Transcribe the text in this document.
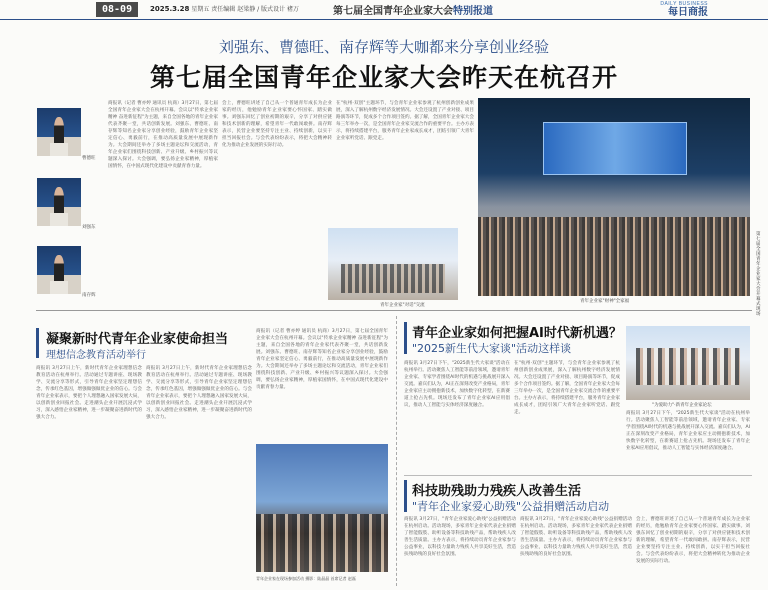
08-09	2025.3.28 星期五 责任编辑 赵梁静 / 版式设计 褚万	第七届全国青年企业家大会特别报道
DAILY BUSINESS
每日商报
刘强东、曹德旺、南存辉等大咖都来分享创业经验
第七届全国青年企业家大会昨天在杭召开
曹德旺
刘强东
南存辉
商报讯（记者 曹亦婷 通讯员 杭商）3月27日，第七届全国青年企业家大会在杭州开幕。会议以"传承企业家精神 奋进新征程"为主题，来自全国各地的青年企业家代表齐聚一堂，共话创新发展。刘强东、曹德旺、南存辉等知名企业家分享创业经验，鼓励青年企业家坚定信心、勇毅前行，在推动高质量发展中展现新作为。大会期间还举办了多场主题论坛和交流活动，青年企业家们围绕科技创新、产业升级、乡村振兴等议题深入探讨。大会强调，要弘扬企业家精神，厚植家国情怀，在中国式现代化建设中贡献青春力量。
会上，曹德旺讲述了自己从一个普通青年成长为企业家的经历，他勉励青年企业家要心怀国家、踏实做事。刘强东回忆了创业初期的艰辛，分享了对供应链和技术创新的理解，希望青年一代敢闯敢拼。南存辉表示，民营企业要坚持专注主业、持续创新，以实干担当回报社会。与会代表纷纷表示，将把大会精神转化为推动企业发展的实际行动。
在"杭州·双创"主题环节，与会青年企业家参观了杭州创新创业成果展，深入了解杭州数字经济发展情况。大会还设置了产业对接、项目路演等环节，促成多个合作项目签约。据了解，全国青年企业家大会每三年举办一次，是全国青年企业家交流合作的重要平台。主办方表示，将持续搭建平台，服务青年企业家成长成才，团结引领广大青年企业家听党话、跟党走。
青年企业家"对话"交流
青年企业家"财神"全家福
第七届全国青年企业家大会开幕式现场
凝聚新时代青年企业家使命担当
理想信念教育活动举行
商报讯 3月27日上午，新时代青年企业家理想信念教育活动在杭州举行。活动通过专题讲座、现场教学、交流分享等形式，引导青年企业家坚定理想信念，传承红色基因，增强做强做优企业的信心。与会青年企业家表示，要把个人理想融入国家发展大局，以创新创业回报社会。走进潮头企业开展沉浸式学习，深入感悟企业家精神，进一步凝聚奋进新时代的强大合力。
商报讯 3月27日上午，新时代青年企业家理想信念教育活动在杭州举行。活动通过专题讲座、现场教学、交流分享等形式，引导青年企业家坚定理想信念，传承红色基因，增强做强做优企业的信心。与会青年企业家表示，要把个人理想融入国家发展大局，以创新创业回报社会。走进潮头企业开展沉浸式学习，深入感悟企业家精神，进一步凝聚奋进新时代的强大合力。
商报讯（记者 曹亦婷 通讯员 杭商）3月27日，第七届全国青年企业家大会在杭州开幕。会议以"传承企业家精神 奋进新征程"为主题，来自全国各地的青年企业家代表齐聚一堂，共话创新发展。刘强东、曹德旺、南存辉等知名企业家分享创业经验，鼓励青年企业家坚定信心、勇毅前行，在推动高质量发展中展现新作为。大会期间还举办了多场主题论坛和交流活动，青年企业家们围绕科技创新、产业升级、乡村振兴等议题深入探讨。大会强调，要弘扬企业家精神，厚植家国情怀，在中国式现代化建设中贡献青春力量。
青年企业家在现场参加活动 摄影：陆晶晶 首席记者 赵磊
青年企业家如何把握AI时代新机遇？
"2025新生代大家谈"活动这样谈
商报讯 3月27日下午，"2025新生代大家谈"活动在杭州举行。活动聚焦人工智能等前沿领域，邀请青年企业家、专家学者围绕AI时代的机遇与挑战展开深入交流。嘉宾们认为，AI正在深刻改变产业格局，青年企业家应主动拥抱新技术，加快数字化转型，在新赛道上抢占先机。现场还发布了青年企业家AI应用倡议，推动人工智能与实体经济深度融合。
在"杭州·双创"主题环节，与会青年企业家参观了杭州创新创业成果展，深入了解杭州数字经济发展情况。大会还设置了产业对接、项目路演等环节，促成多个合作项目签约。据了解，全国青年企业家大会每三年举办一次，是全国青年企业家交流合作的重要平台。主办方表示，将持续搭建平台，服务青年企业家成长成才，团结引领广大青年企业家听党话、跟党走。
"为爱助力"·新青年企业家论坛
商报讯 3月27日下午，"2025新生代大家谈"活动在杭州举行。活动聚焦人工智能等前沿领域，邀请青年企业家、专家学者围绕AI时代的机遇与挑战展开深入交流。嘉宾们认为，AI正在深刻改变产业格局，青年企业家应主动拥抱新技术，加快数字化转型，在新赛道上抢占先机。现场还发布了青年企业家AI应用倡议，推动人工智能与实体经济深度融合。
科技助残助力残疾人改善生活
"青年企业家爱心助残"公益捐赠活动启动
商报讯 3月27日，"青年企业家爱心助残"公益捐赠活动在杭州启动。活动现场，多家青年企业家代表企业捐赠了智能假肢、助听设备等科技助残产品，帮助残疾人改善生活质量。主办方表示，将持续动员青年企业家参与公益事业，以科技力量助力残疾人共享美好生活，营造扶残助残的良好社会氛围。
商报讯 3月27日，"青年企业家爱心助残"公益捐赠活动在杭州启动。活动现场，多家青年企业家代表企业捐赠了智能假肢、助听设备等科技助残产品，帮助残疾人改善生活质量。主办方表示，将持续动员青年企业家参与公益事业，以科技力量助力残疾人共享美好生活，营造扶残助残的良好社会氛围。
会上，曹德旺讲述了自己从一个普通青年成长为企业家的经历，他勉励青年企业家要心怀国家、踏实做事。刘强东回忆了创业初期的艰辛，分享了对供应链和技术创新的理解，希望青年一代敢闯敢拼。南存辉表示，民营企业要坚持专注主业、持续创新，以实干担当回报社会。与会代表纷纷表示，将把大会精神转化为推动企业发展的实际行动。
